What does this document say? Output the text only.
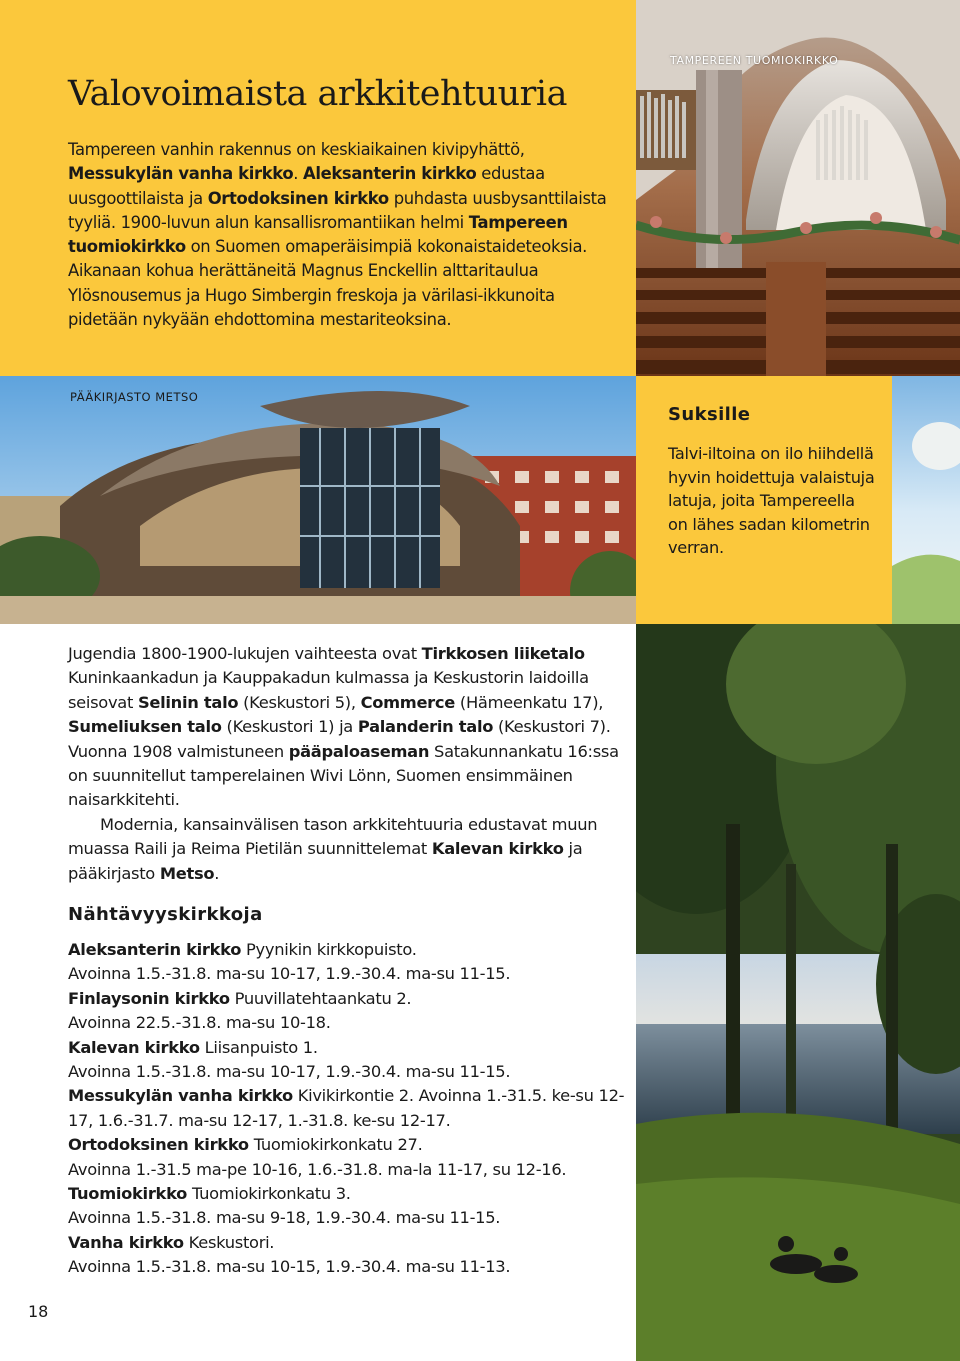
Valovoimaista arkkitehtuuria

Tampereen vanhin rakennus on keskiaikainen kivipyhättö, Messukylän vanha kirkko. Aleksanterin kirkko edustaa uusgoottilaista ja Ortodoksinen kirkko puhdasta uusbysanttilaista tyyliä. 1900-luvun alun kansallisromantiikan helmi Tampereen tuomiokirkko on Suomen omaperäisimpiä kokonaistaideteoksia. Aikanaan kohua herättäneitä Magnus Enckellin alttaritaulua Ylösnousemus ja Hugo Simbergin freskoja ja värilasi-ikkunoita pidetään nykyään ehdottomina mestariteoksina.

TAMPEREEN TUOMIOKIRKKO
PÄÄKIRJASTO METSO
Suksille

Talvi-iltoina on ilo hiihdellä hyvin hoidettuja valaistuja latuja, joita Tampereella on lähes sadan kilometrin verran.

Jugendia 1800-1900-lukujen vaihteesta ovat Tirkkosen liiketalo Kuninkaankadun ja Kauppakadun kulmassa ja Keskustorin laidoilla seisovat Selinin talo (Keskustori 5), Commerce (Hämeenkatu 17), Sumeliuksen talo (Keskustori 1) ja Palanderin talo (Keskustori 7). Vuonna 1908 valmistuneen pääpaloaseman Satakunnankatu 16:ssa on suunnitellut tamperelainen Wivi Lönn, Suomen ensimmäinen naisarkkitehti.

Modernia, kansainvälisen tason arkkitehtuuria edustavat muun muassa Raili ja Reima Pietilän suunnittelemat Kalevan kirkko ja pääkirjasto Metso.

Nähtävyyskirkkoja
Aleksanterin kirkko Pyynikin kirkkopuisto.
Avoinna 1.5.-31.8. ma-su 10-17, 1.9.-30.4. ma-su 11-15.
Finlaysonin kirkko Puuvillatehtaankatu 2.
Avoinna 22.5.-31.8. ma-su 10-18.
Kalevan kirkko Liisanpuisto 1.
Avoinna 1.5.-31.8. ma-su 10-17, 1.9.-30.4. ma-su 11-15.
Messukylän vanha kirkko Kivikirkontie 2. Avoinna 1.-31.5. ke-su 12-17, 1.6.-31.7. ma-su 12-17, 1.-31.8. ke-su 12-17.
Ortodoksinen kirkko Tuomiokirkonkatu 27.
Avoinna 1.-31.5 ma-pe 10-16, 1.6.-31.8. ma-la 11-17, su 12-16.
Tuomiokirkko Tuomiokirkonkatu 3.
Avoinna 1.5.-31.8. ma-su 9-18, 1.9.-30.4. ma-su 11-15.
Vanha kirkko Keskustori.
Avoinna 1.5.-31.8. ma-su 10-15, 1.9.-30.4. ma-su 11-13.
18
